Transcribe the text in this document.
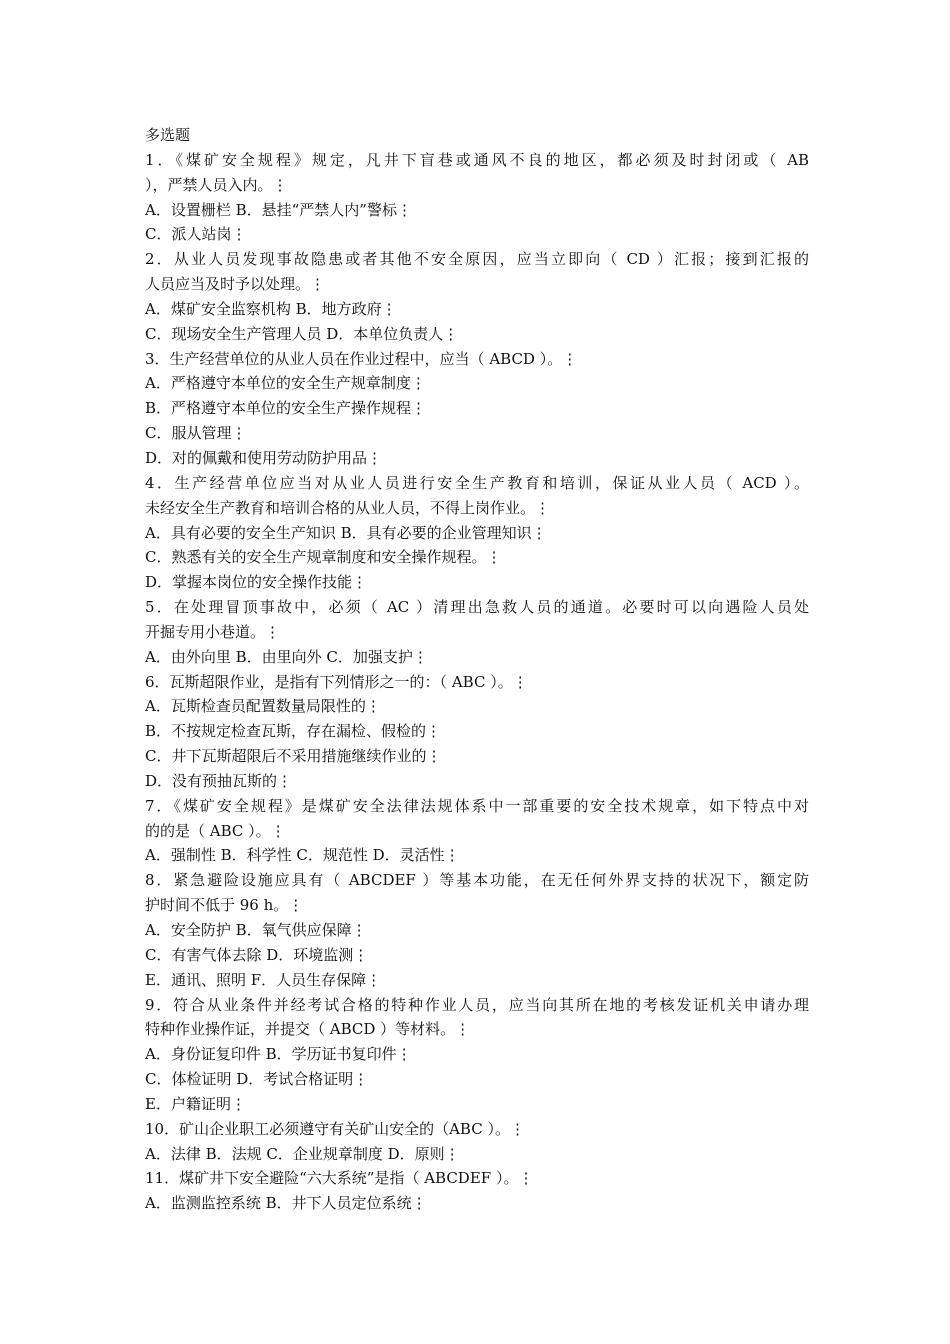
多选题

1．《煤矿安全规程》规定，凡井下盲巷或通风不良的地区，都必须及时封闭或（ AB

），严禁人员入内。⋮

A．设置栅栏 B．悬挂“严禁人内”警标⋮

C．派人站岗⋮

2．从业人员发现事故隐患或者其他不安全原因，应当立即向（ CD ）汇报；接到汇报的

人员应当及时予以处理。⋮

A．煤矿安全监察机构 B．地方政府⋮

C．现场安全生产管理人员 D．本单位负责人⋮

3．生产经营单位的从业人员在作业过程中，应当（ ABCD ）。⋮

A．严格遵守本单位的安全生产规章制度⋮

B．严格遵守本单位的安全生产操作规程⋮

C．服从管理⋮

D．对的佩戴和使用劳动防护用品⋮

4．生产经营单位应当对从业人员进行安全生产教育和培训，保证从业人员（ ACD ）。

未经安全生产教育和培训合格的从业人员，不得上岗作业。⋮

A．具有必要的安全生产知识 B．具有必要的企业管理知识⋮

C．熟悉有关的安全生产规章制度和安全操作规程。⋮

D．掌握本岗位的安全操作技能⋮

5．在处理冒顶事故中，必须（ AC ）清理出急救人员的通道。必要时可以向遇险人员处

开掘专用小巷道。⋮

A．由外向里 B．由里向外 C．加强支护⋮

6．瓦斯超限作业，是指有下列情形之一的：（ ABC ）。⋮

A．瓦斯检查员配置数量局限性的⋮

B．不按规定检查瓦斯，存在漏检、假检的⋮

C．井下瓦斯超限后不采用措施继续作业的⋮

D．没有预抽瓦斯的⋮

7．《煤矿安全规程》是煤矿安全法律法规体系中一部重要的安全技术规章，如下特点中对

的的是（ ABC ）。⋮

A．强制性 B．科学性 C．规范性 D．灵活性⋮

8．紧急避险设施应具有（ ABCDEF ）等基本功能，在无任何外界支持的状况下，额定防

护时间不低于 96 h。⋮

A．安全防护 B．氧气供应保障⋮

C．有害气体去除 D．环境监测⋮

E．通讯、照明 F．人员生存保障⋮

9．符合从业条件并经考试合格的特种作业人员，应当向其所在地的考核发证机关申请办理

特种作业操作证，并提交（ ABCD ）等材料。⋮

A．身份证复印件 B．学历证书复印件⋮

C．体检证明 D．考试合格证明⋮

E．户籍证明⋮

10．矿山企业职工必须遵守有关矿山安全的（ABC ）。⋮

A．法律 B．法规 C．企业规章制度 D．原则⋮

11．煤矿井下安全避险“六大系统”是指（ ABCDEF ）。⋮

A．监测监控系统 B．井下人员定位系统⋮
